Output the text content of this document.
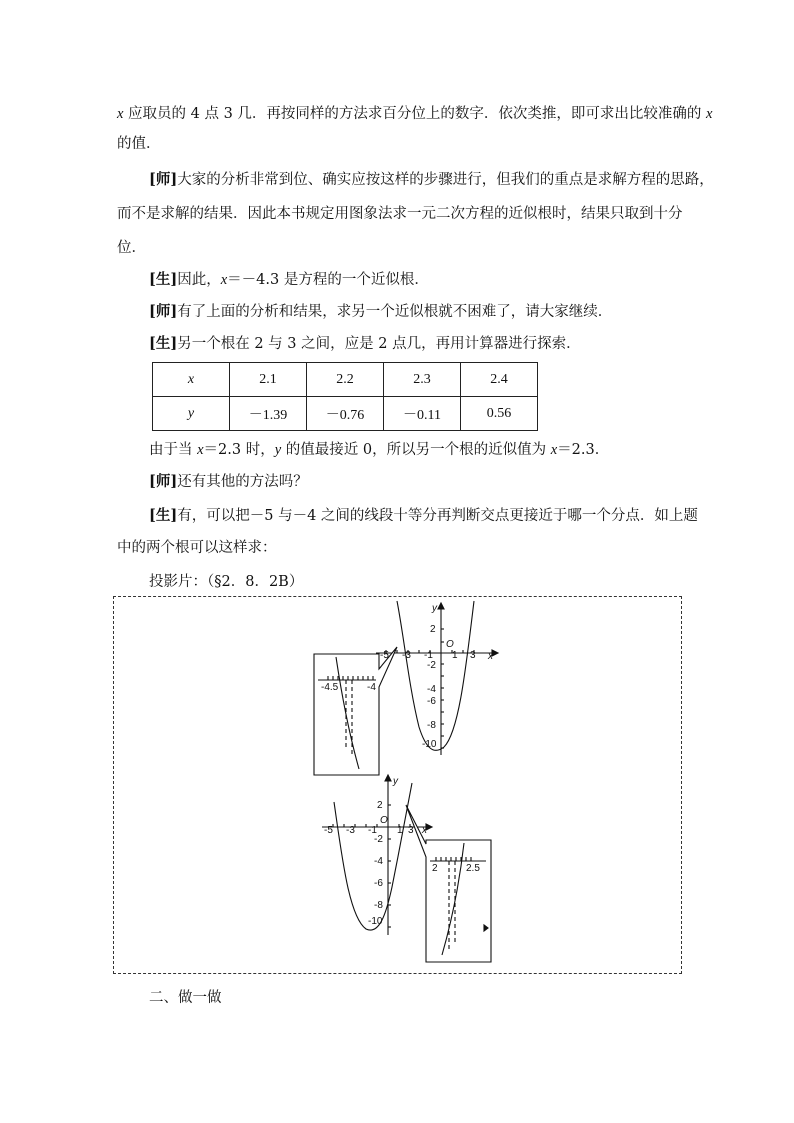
x 应取员的 4 点 3 几．再按同样的方法求百分位上的数字．依次类推，即可求出比较准确的 x
的值．
[师]大家的分析非常到位、确实应按这样的步骤进行，但我们的重点是求解方程的思路，
而不是求解的结果．因此本书规定用图象法求一元二次方程的近似根时，结果只取到十分
位．
[生]因此，x＝－4.3 是方程的一个近似根．
[师]有了上面的分析和结果，求另一个近似根就不困难了，请大家继续．
[生]另一个根在 2 与 3 之间，应是 2 点几，再用计算器进行探索．
x	2.1	2.2	2.3	2.4
y	－1.39	－0.76	－0.11	0.56
由于当 x＝2.3 时，y 的值最接近 0，所以另一个根的近似值为 x＝2.3．
[师]还有其他的方法吗？
[生]有，可以把－5 与－4 之间的线段十等分再判断交点更接近于哪一个分点．如上题
中的两个根可以这样求：
投影片：（§2．8．2B）
y
x
O
2
-2
-4
-6
-8
-10
-5 -3 -1 1 3
-4.5	-4
y
x
O
2
-2
-4
-6
-8
-10
-5 -3 -1 1 3
2	2.5
二、做一做
